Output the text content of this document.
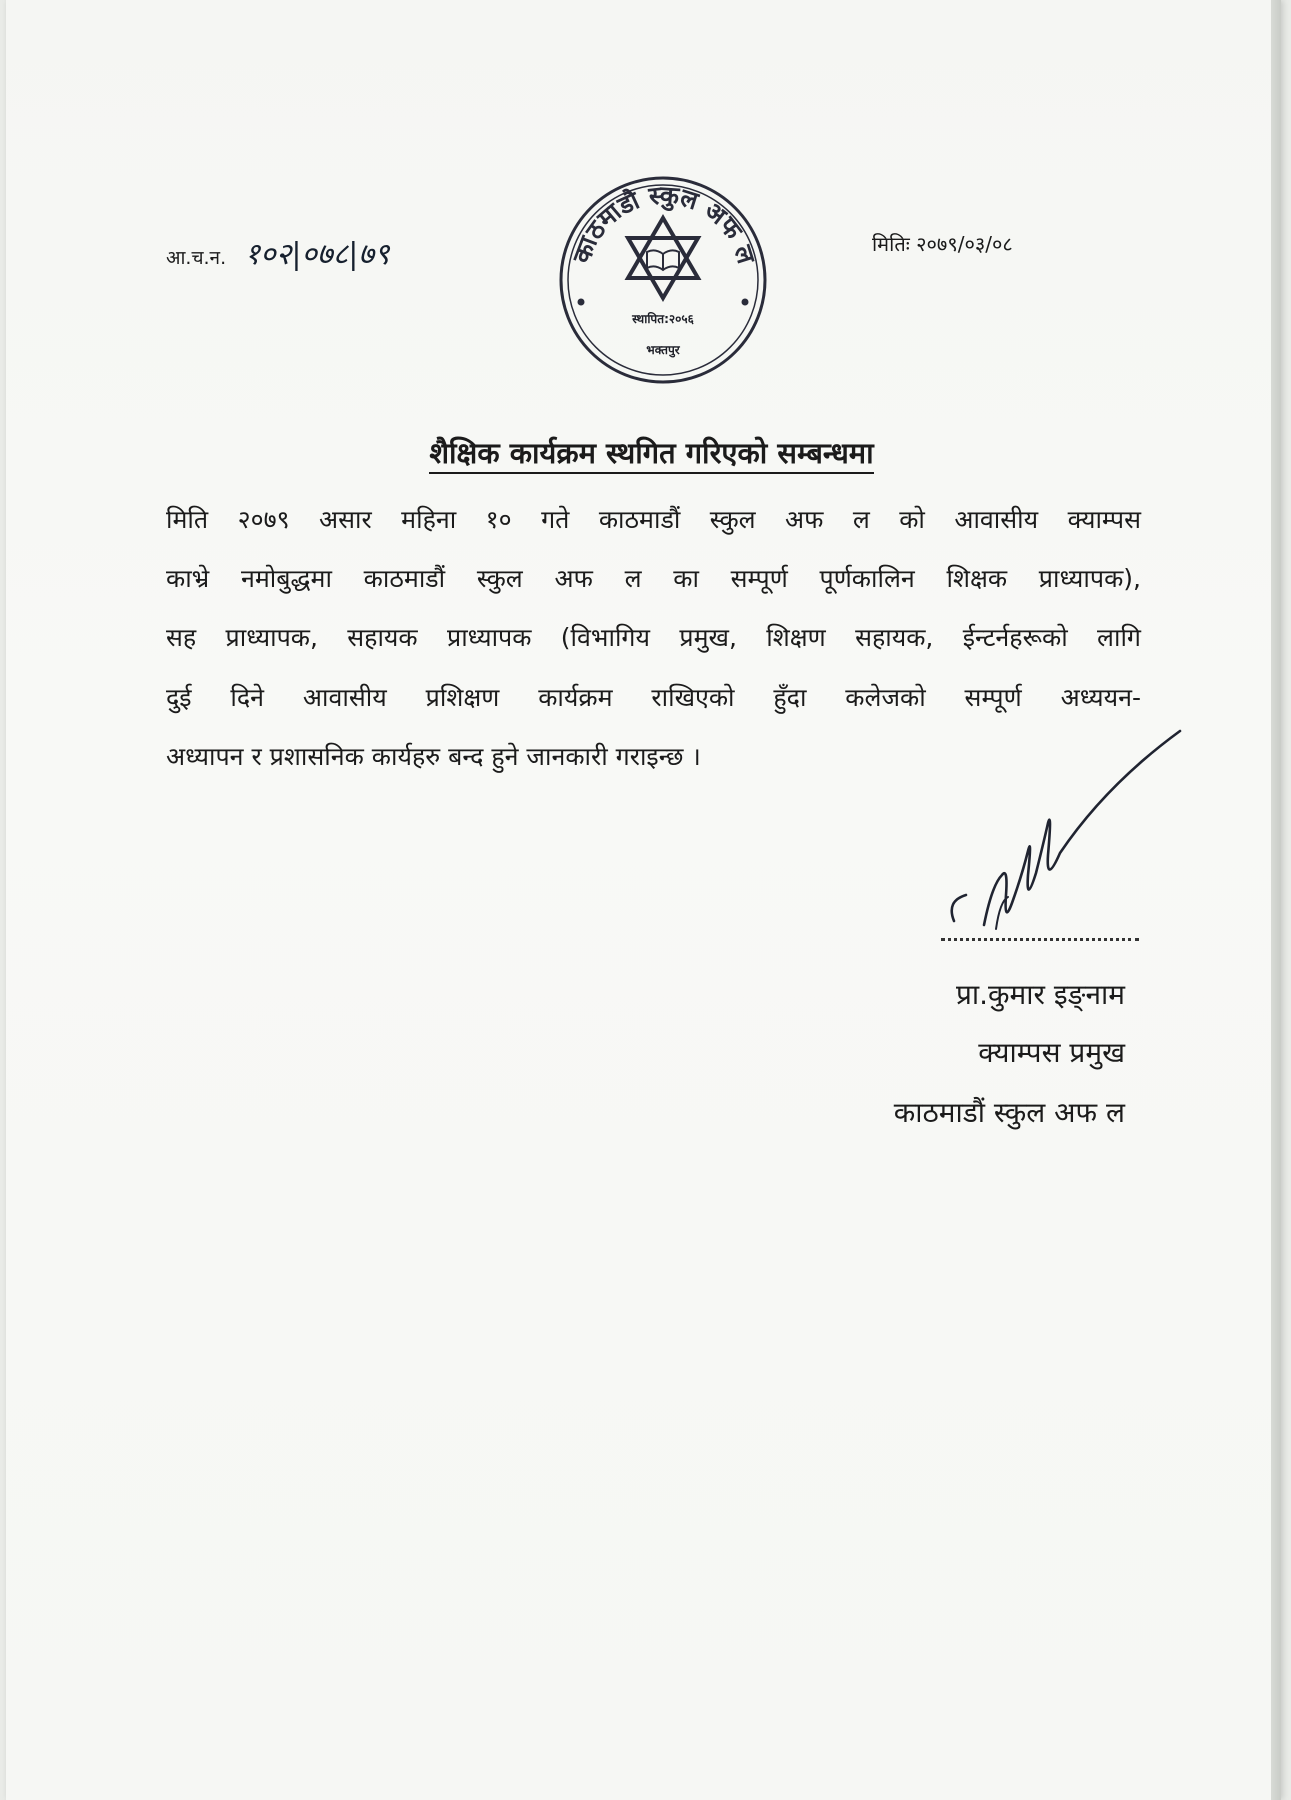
आ.च.न. १०२|०७८|७९	मितिः २०७९/०३/०८
काठमाडौ स्कुल अफ ल
स्थापित:२०५६
भक्तपुर
शैक्षिक कार्यक्रम स्थगित गरिएको सम्बन्धमा
मिति २०७९ असार महिना १० गते काठमाडौं स्कुल अफ ल को आवासीय क्याम्पस
काभ्रे नमोबुद्धमा काठमाडौं स्कुल अफ ल का सम्पूर्ण पूर्णकालिन शिक्षक प्राध्यापक),
सह प्राध्यापक, सहायक प्राध्यापक (विभागिय प्रमुख, शिक्षण सहायक, ईन्टर्नहरूको लागि
दुई दिने आवासीय प्रशिक्षण कार्यक्रम राखिएको हुँदा कलेजको सम्पूर्ण अध्ययन-
अध्यापन र प्रशासनिक कार्यहरु बन्द हुने जानकारी गराइन्छ ।
प्रा.कुमार इङ्नाम
क्याम्पस प्रमुख
काठमाडौं स्कुल अफ ल
